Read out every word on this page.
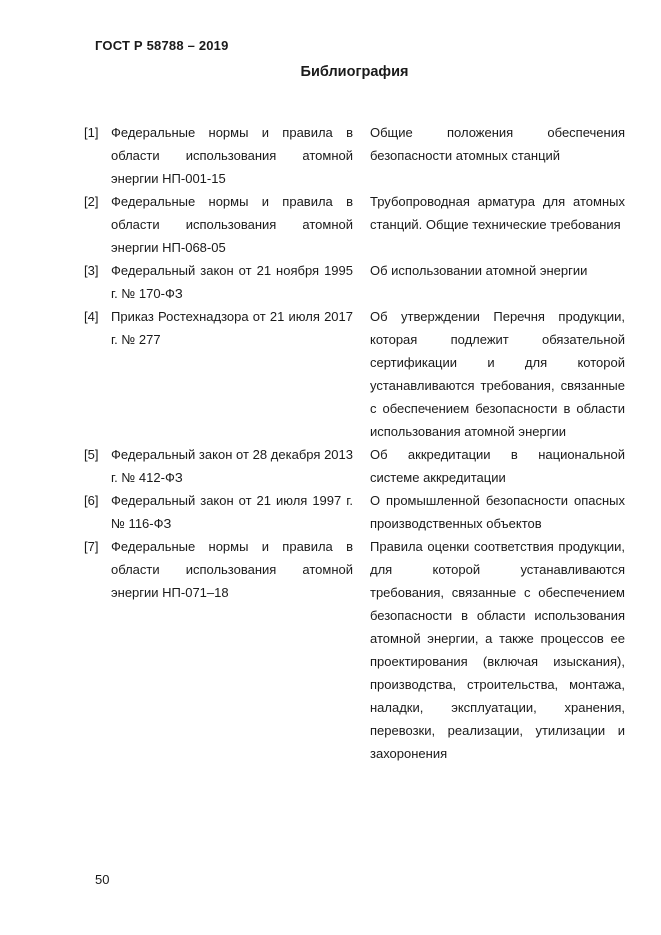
ГОСТ Р 58788 – 2019
Библиография
[1] Федеральные нормы и правила в области использования атомной энергии НП-001-15
Общие положения обеспечения безопасности атомных станций
[2] Федеральные нормы и правила в области использования атомной энергии НП-068-05
Трубопроводная арматура для атомных станций. Общие технические требования
[3] Федеральный закон от 21 ноября 1995 г. № 170-ФЗ
Об использовании атомной энергии
[4] Приказ Ростехнадзора от 21 июля 2017 г. № 277
Об утверждении Перечня продукции, которая подлежит обязательной сертификации и для которой устанавливаются требования, связанные с обеспечением безопасности в области использования атомной энергии
[5] Федеральный закон от 28 декабря 2013 г. № 412-ФЗ
Об аккредитации в национальной системе аккредитации
[6] Федеральный закон от 21 июля 1997 г. № 116-ФЗ
О промышленной безопасности опасных производственных объектов
[7] Федеральные нормы и правила в области использования атомной энергии НП-071–18
Правила оценки соответствия продукции, для которой устанавливаются требования, связанные с обеспечением безопасности в области использования атомной энергии, а также процессов ее проектирования (включая изыскания), производства, строительства, монтажа, наладки, эксплуатации, хранения, перевозки, реализации, утилизации и захоронения
50
